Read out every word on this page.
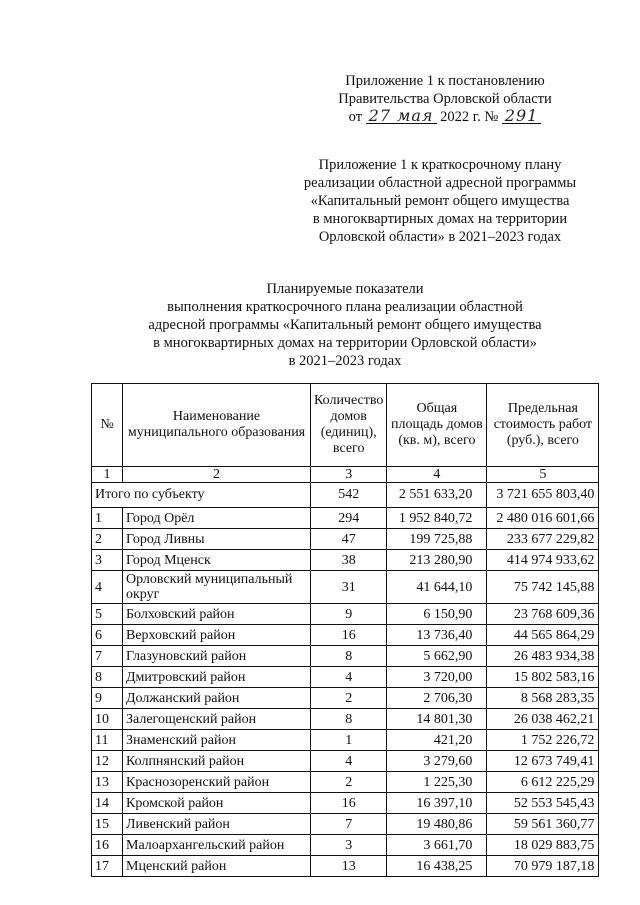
Приложение 1 к постановлению
Правительства Орловской области
от 27 мая 2022 г. № 291
Приложение 1 к краткосрочному плану
реализации областной адресной программы
«Капитальный ремонт общего имущества
в многоквартирных домах на территории
Орловской области» в 2021–2023 годах
Планируемые показатели
выполнения краткосрочного плана реализации областной
адресной программы «Капитальный ремонт общего имущества
в многоквартирных домах на территории Орловской области»
в 2021–2023 годах
№	Наименование муниципального образования	Количество домов (единиц), всего	Общая площадь домов (кв. м), всего	Предельная стоимость работ (руб.), всего
1	2	3	4	5
Итого по субъекту		542	2 551 633,20	3 721 655 803,40
1	Город Орёл	294	1 952 840,72	2 480 016 601,66
2	Город Ливны	47	199 725,88	233 677 229,82
3	Город Мценск	38	213 280,90	414 974 933,62
4	Орловский муниципальный округ	31	41 644,10	75 742 145,88
5	Болховский район	9	6 150,90	23 768 609,36
6	Верховский район	16	13 736,40	44 565 864,29
7	Глазуновский район	8	5 662,90	26 483 934,38
8	Дмитровский район	4	3 720,00	15 802 583,16
9	Должанский район	2	2 706,30	8 568 283,35
10	Залегощенский район	8	14 801,30	26 038 462,21
11	Знаменский район	1	421,20	1 752 226,72
12	Колпнянский район	4	3 279,60	12 673 749,41
13	Краснозоренский район	2	1 225,30	6 612 225,29
14	Кромской район	16	16 397,10	52 553 545,43
15	Ливенский район	7	19 480,86	59 561 360,77
16	Малоархангельский район	3	3 661,70	18 029 883,75
17	Мценский район	13	16 438,25	70 979 187,18
